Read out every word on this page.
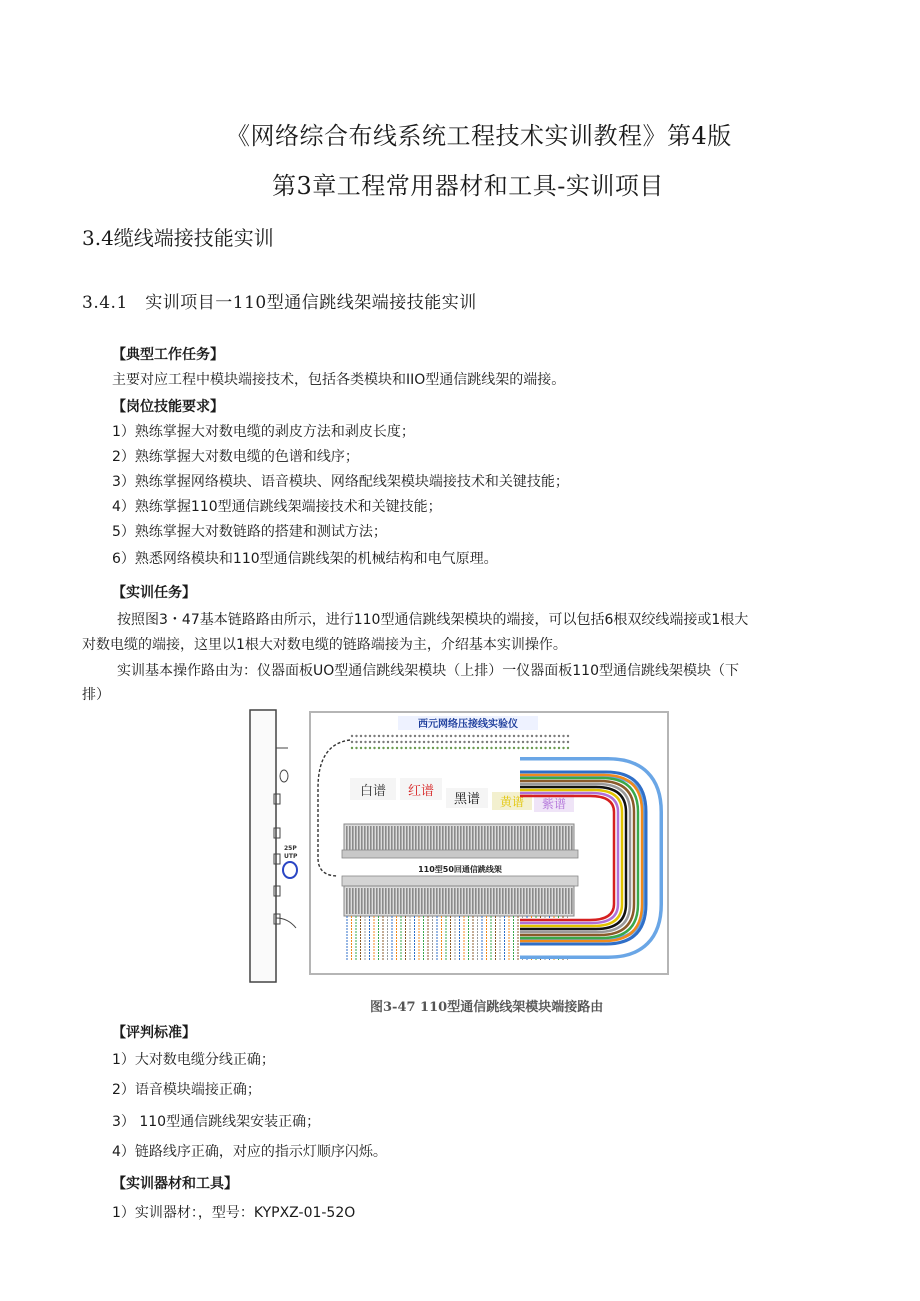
《网络综合布线系统工程技术实训教程》第4版
第3章工程常用器材和工具-实训项目
3.4缆线端接技能实训
3.4.1　实训项目一110型通信跳线架端接技能实训
【典型工作任务】
主要对应工程中模块端接技术，包括各类模块和IIO型通信跳线架的端接。
【岗位技能要求】
1）熟练掌握大对数电缆的剥皮方法和剥皮长度；
2）熟练掌握大对数电缆的色谱和线序；
3）熟练掌握网络模块、语音模块、网络配线架模块端接技术和关键技能；
4）熟练掌握110型通信跳线架端接技术和关键技能；
5）熟练掌握大对数链路的搭建和测试方法；
6）熟悉网络模块和110型通信跳线架的机械结构和电气原理。
【实训任务】
按照图3・47基本链路路由所示，进行110型通信跳线架模块的端接，可以包括6根双绞线端接或1根大
对数电缆的端接，这里以1根大对数电缆的链路端接为主，介绍基本实训操作。
实训基本操作路由为：仪器面板UO型通信跳线架模块（上排）一仪器面板110型通信跳线架模块（下
排）
25P
UTP
西元网络压接线实验仪
白谱 红谱
黑谱 黄谱 紫谱
110型50回通信跳线架
图3-47 110型通信跳线架模块端接路由
【评判标准】
1）大对数电缆分线正确；
2）语音模块端接正确；
3） 110型通信跳线架安装正确；
4）链路线序正确，对应的指示灯顺序闪烁。
【实训器材和工具】
1）实训器材：，型号：KYPXZ-01-52O
